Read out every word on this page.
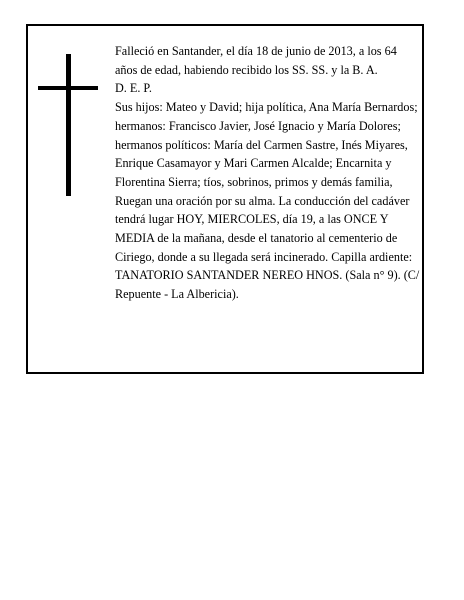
Falleció en Santander, el día 18 de junio de 2013, a los 64 años de edad, habiendo recibido los SS. SS. y la B. A.

D. E. P.

Sus hijos: Mateo y David; hija política, Ana María Bernardos; hermanos: Francisco Javier, José Ignacio y María Dolores; hermanos políticos: María del Carmen Sastre, Inés Miyares, Enrique Casamayor y Mari Carmen Alcalde; Encarnita y Florentina Sierra; tíos, sobrinos, primos y demás familia,

Ruegan una oración por su alma. La conducción del cadáver tendrá lugar HOY, MIERCOLES, día 19, a las ONCE Y MEDIA de la mañana, desde el tanatorio al cementerio de Ciriego, donde a su llegada será incinerado. Capilla ardiente: TANATORIO SANTANDER NEREO HNOS. (Sala n° 9). (C/ Repuente - La Albericia).
